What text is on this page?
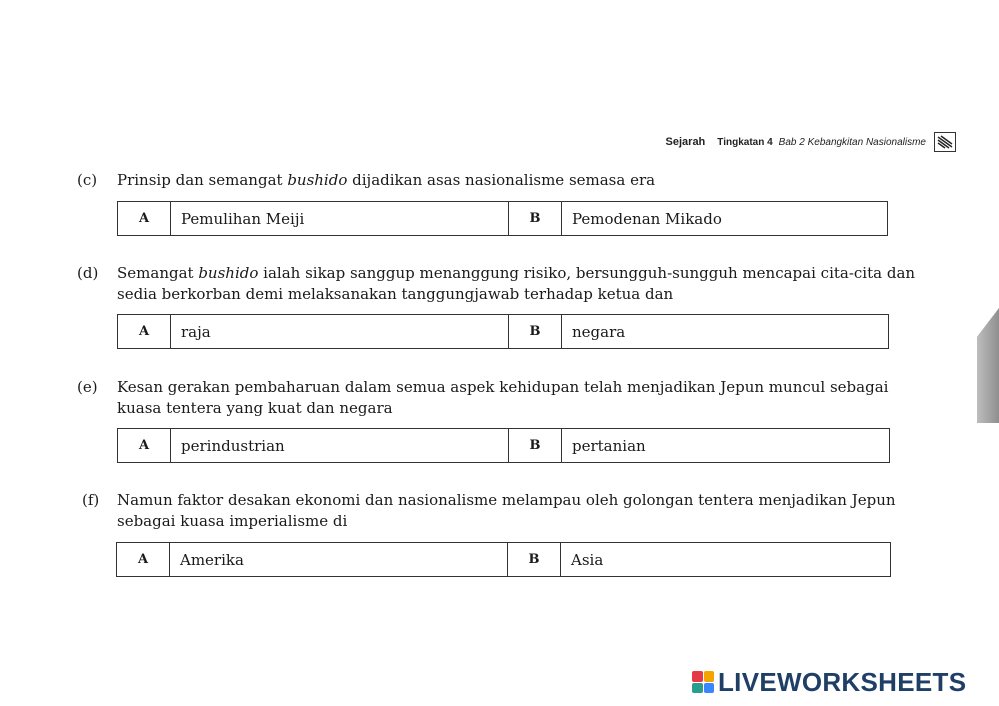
Sejarah Tingkatan 4 Bab 2 Kebangkitan Nasionalisme
(c) Prinsip dan semangat bushido dijadikan asas nasionalisme semasa era
A	Pemulihan Meiji	B	Pemodenan Mikado
(d) Semangat bushido ialah sikap sanggup menanggung risiko, bersungguh-sungguh mencapai cita-cita dan
sedia berkorban demi melaksanakan tanggungjawab terhadap ketua dan
A	raja	B	negara
(e) Kesan gerakan pembaharuan dalam semua aspek kehidupan telah menjadikan Jepun muncul sebagai
kuasa tentera yang kuat dan negara
A	perindustrian	B	pertanian
(f) Namun faktor desakan ekonomi dan nasionalisme melampau oleh golongan tentera menjadikan Jepun
sebagai kuasa imperialisme di
A	Amerika	B	Asia
LIVEWORKSHEETS
